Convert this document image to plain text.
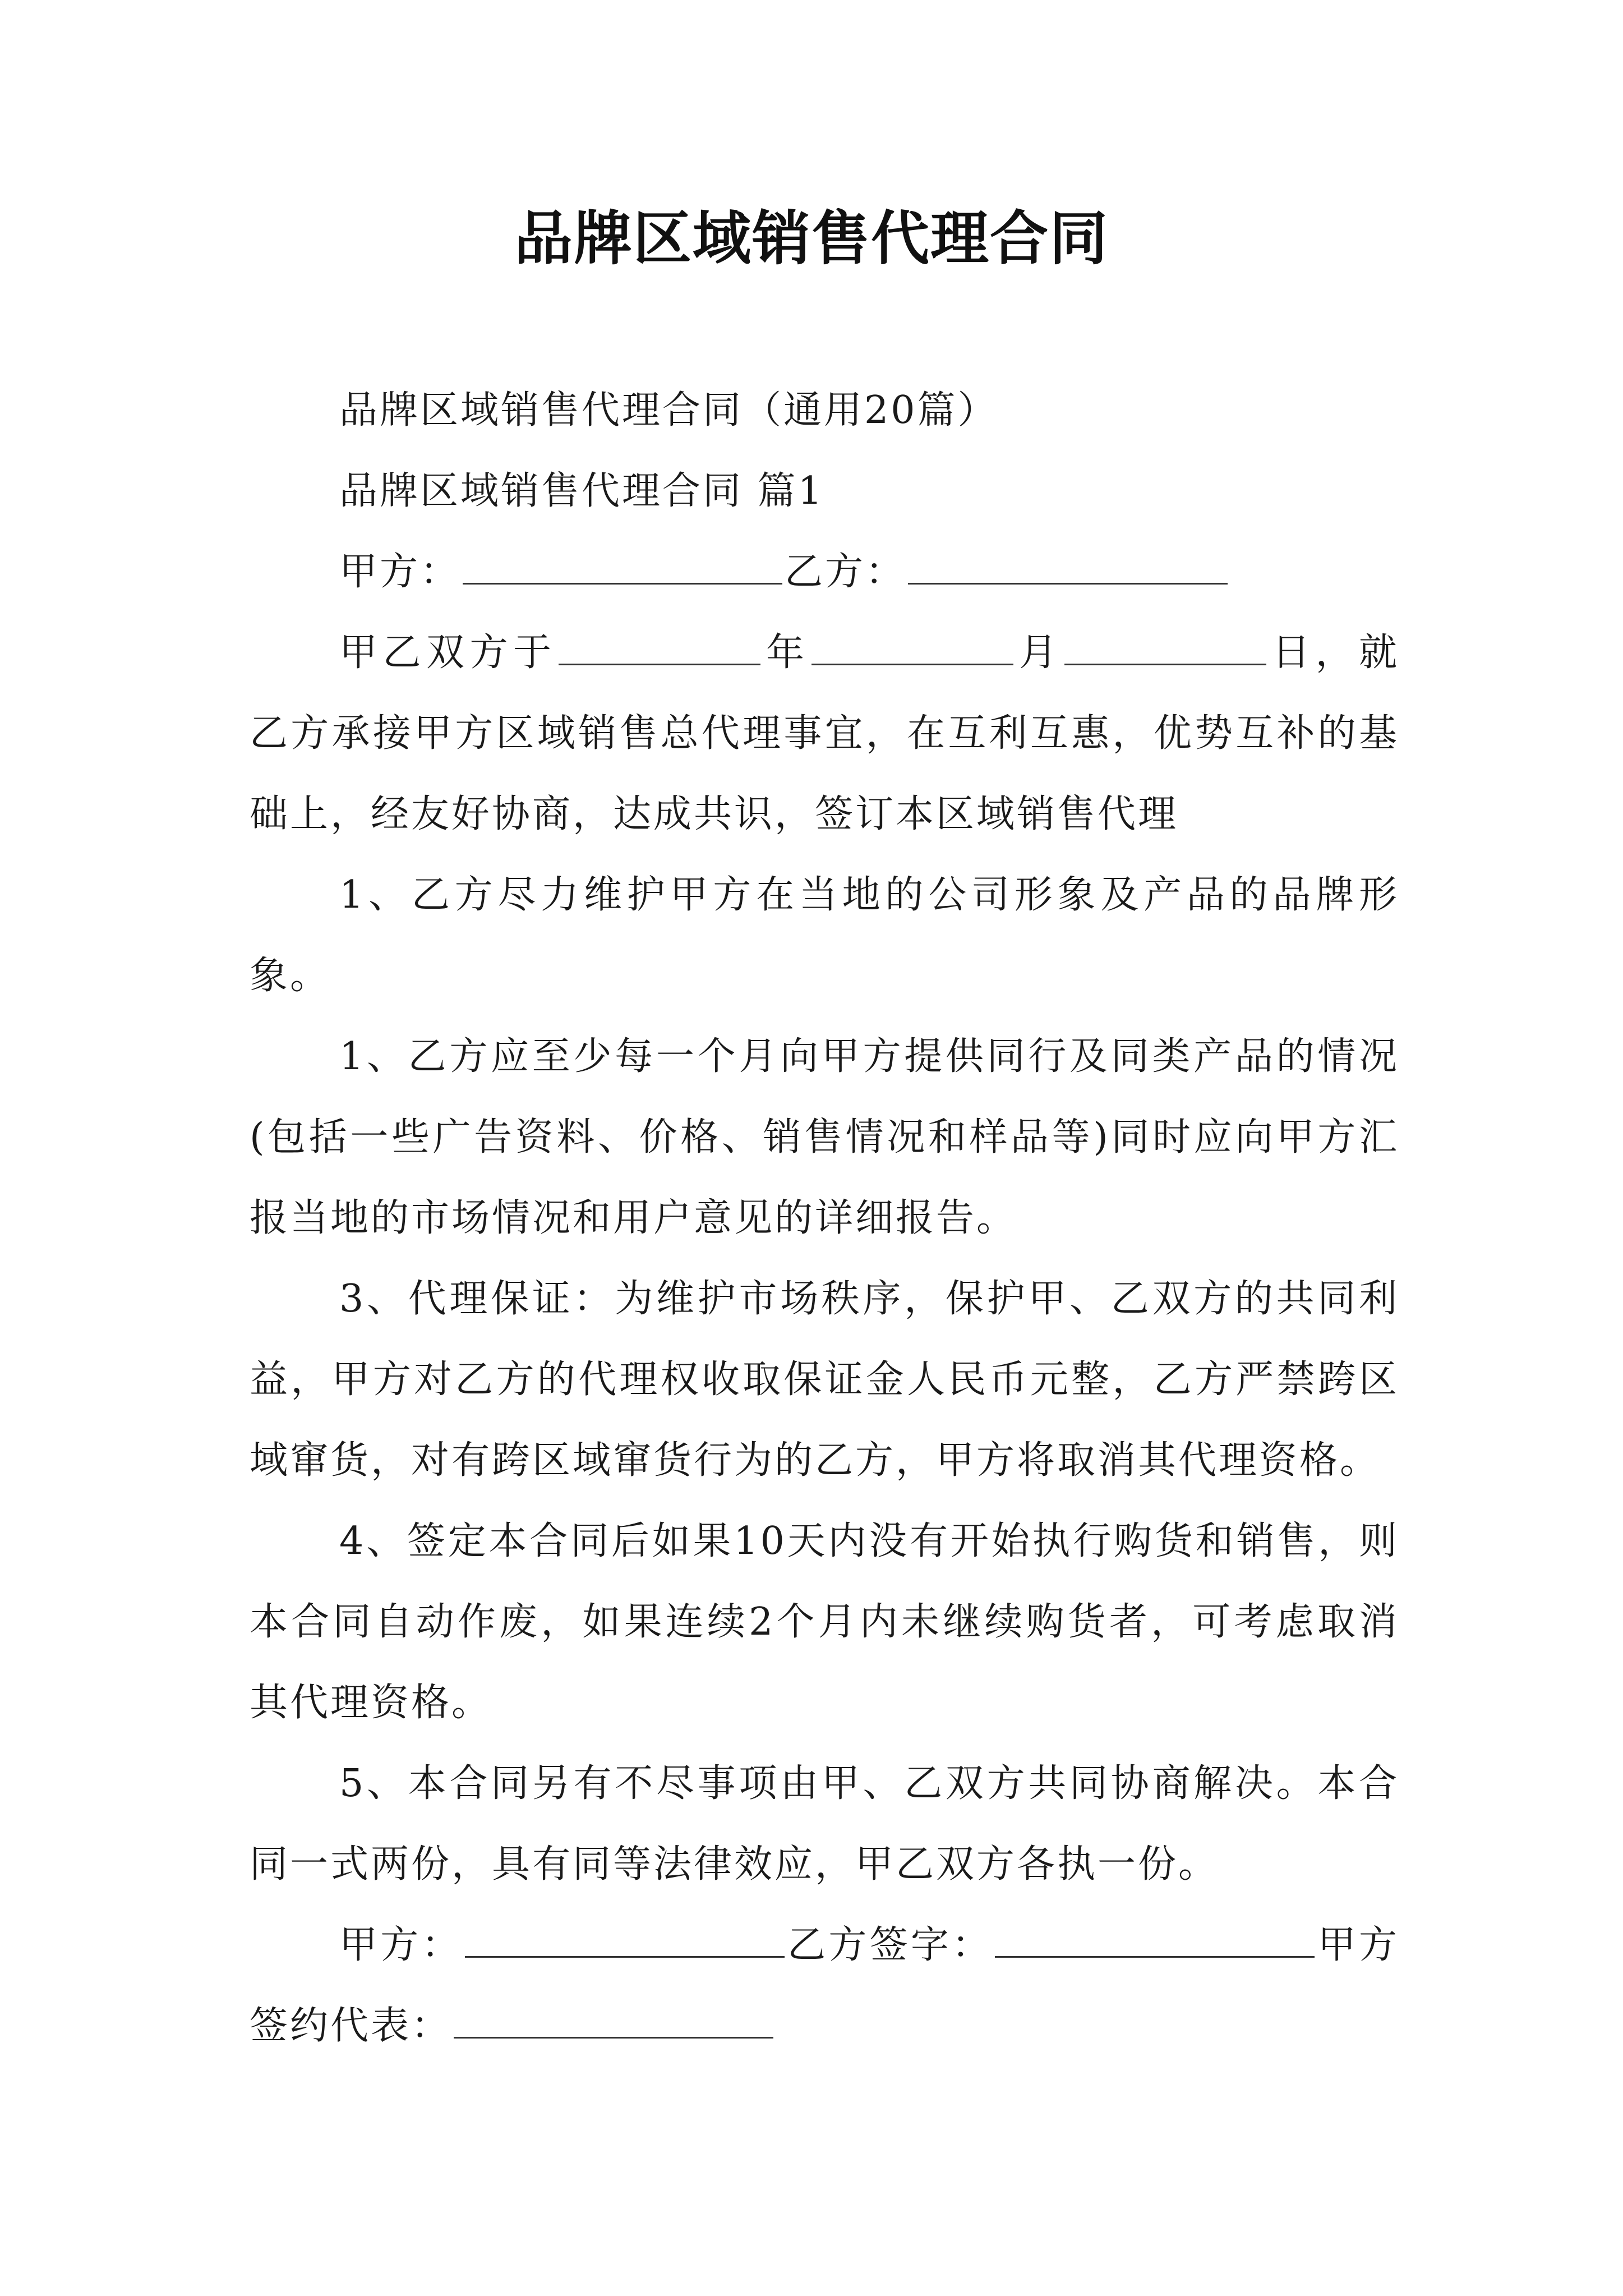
品牌区域销售代理合同

品牌区域销售代理合同（通用20篇）

品牌区域销售代理合同 篇1

甲方：	乙方：

甲乙双方于	年	月	日，就乙方承接甲方区域销售总代理事宜，在互利互惠，优势互补的基础上，经友好协商，达成共识，签订本区域销售代理

1、乙方尽力维护甲方在当地的公司形象及产品的品牌形象。

1、乙方应至少每一个月向甲方提供同行及同类产品的情况(包括一些广告资料、价格、销售情况和样品等)同时应向甲方汇报当地的市场情况和用户意见的详细报告。

3、代理保证：为维护市场秩序，保护甲、乙双方的共同利益，甲方对乙方的代理权收取保证金人民币元整，乙方严禁跨区域窜货，对有跨区域窜货行为的乙方，甲方将取消其代理资格。

4、签定本合同后如果10天内没有开始执行购货和销售，则本合同自动作废，如果连续2个月内未继续购货者，可考虑取消其代理资格。

5、本合同另有不尽事项由甲、乙双方共同协商解决。本合同一式两份，具有同等法律效应，甲乙双方各执一份。

甲方：	乙方签字：	甲方签约代表：
